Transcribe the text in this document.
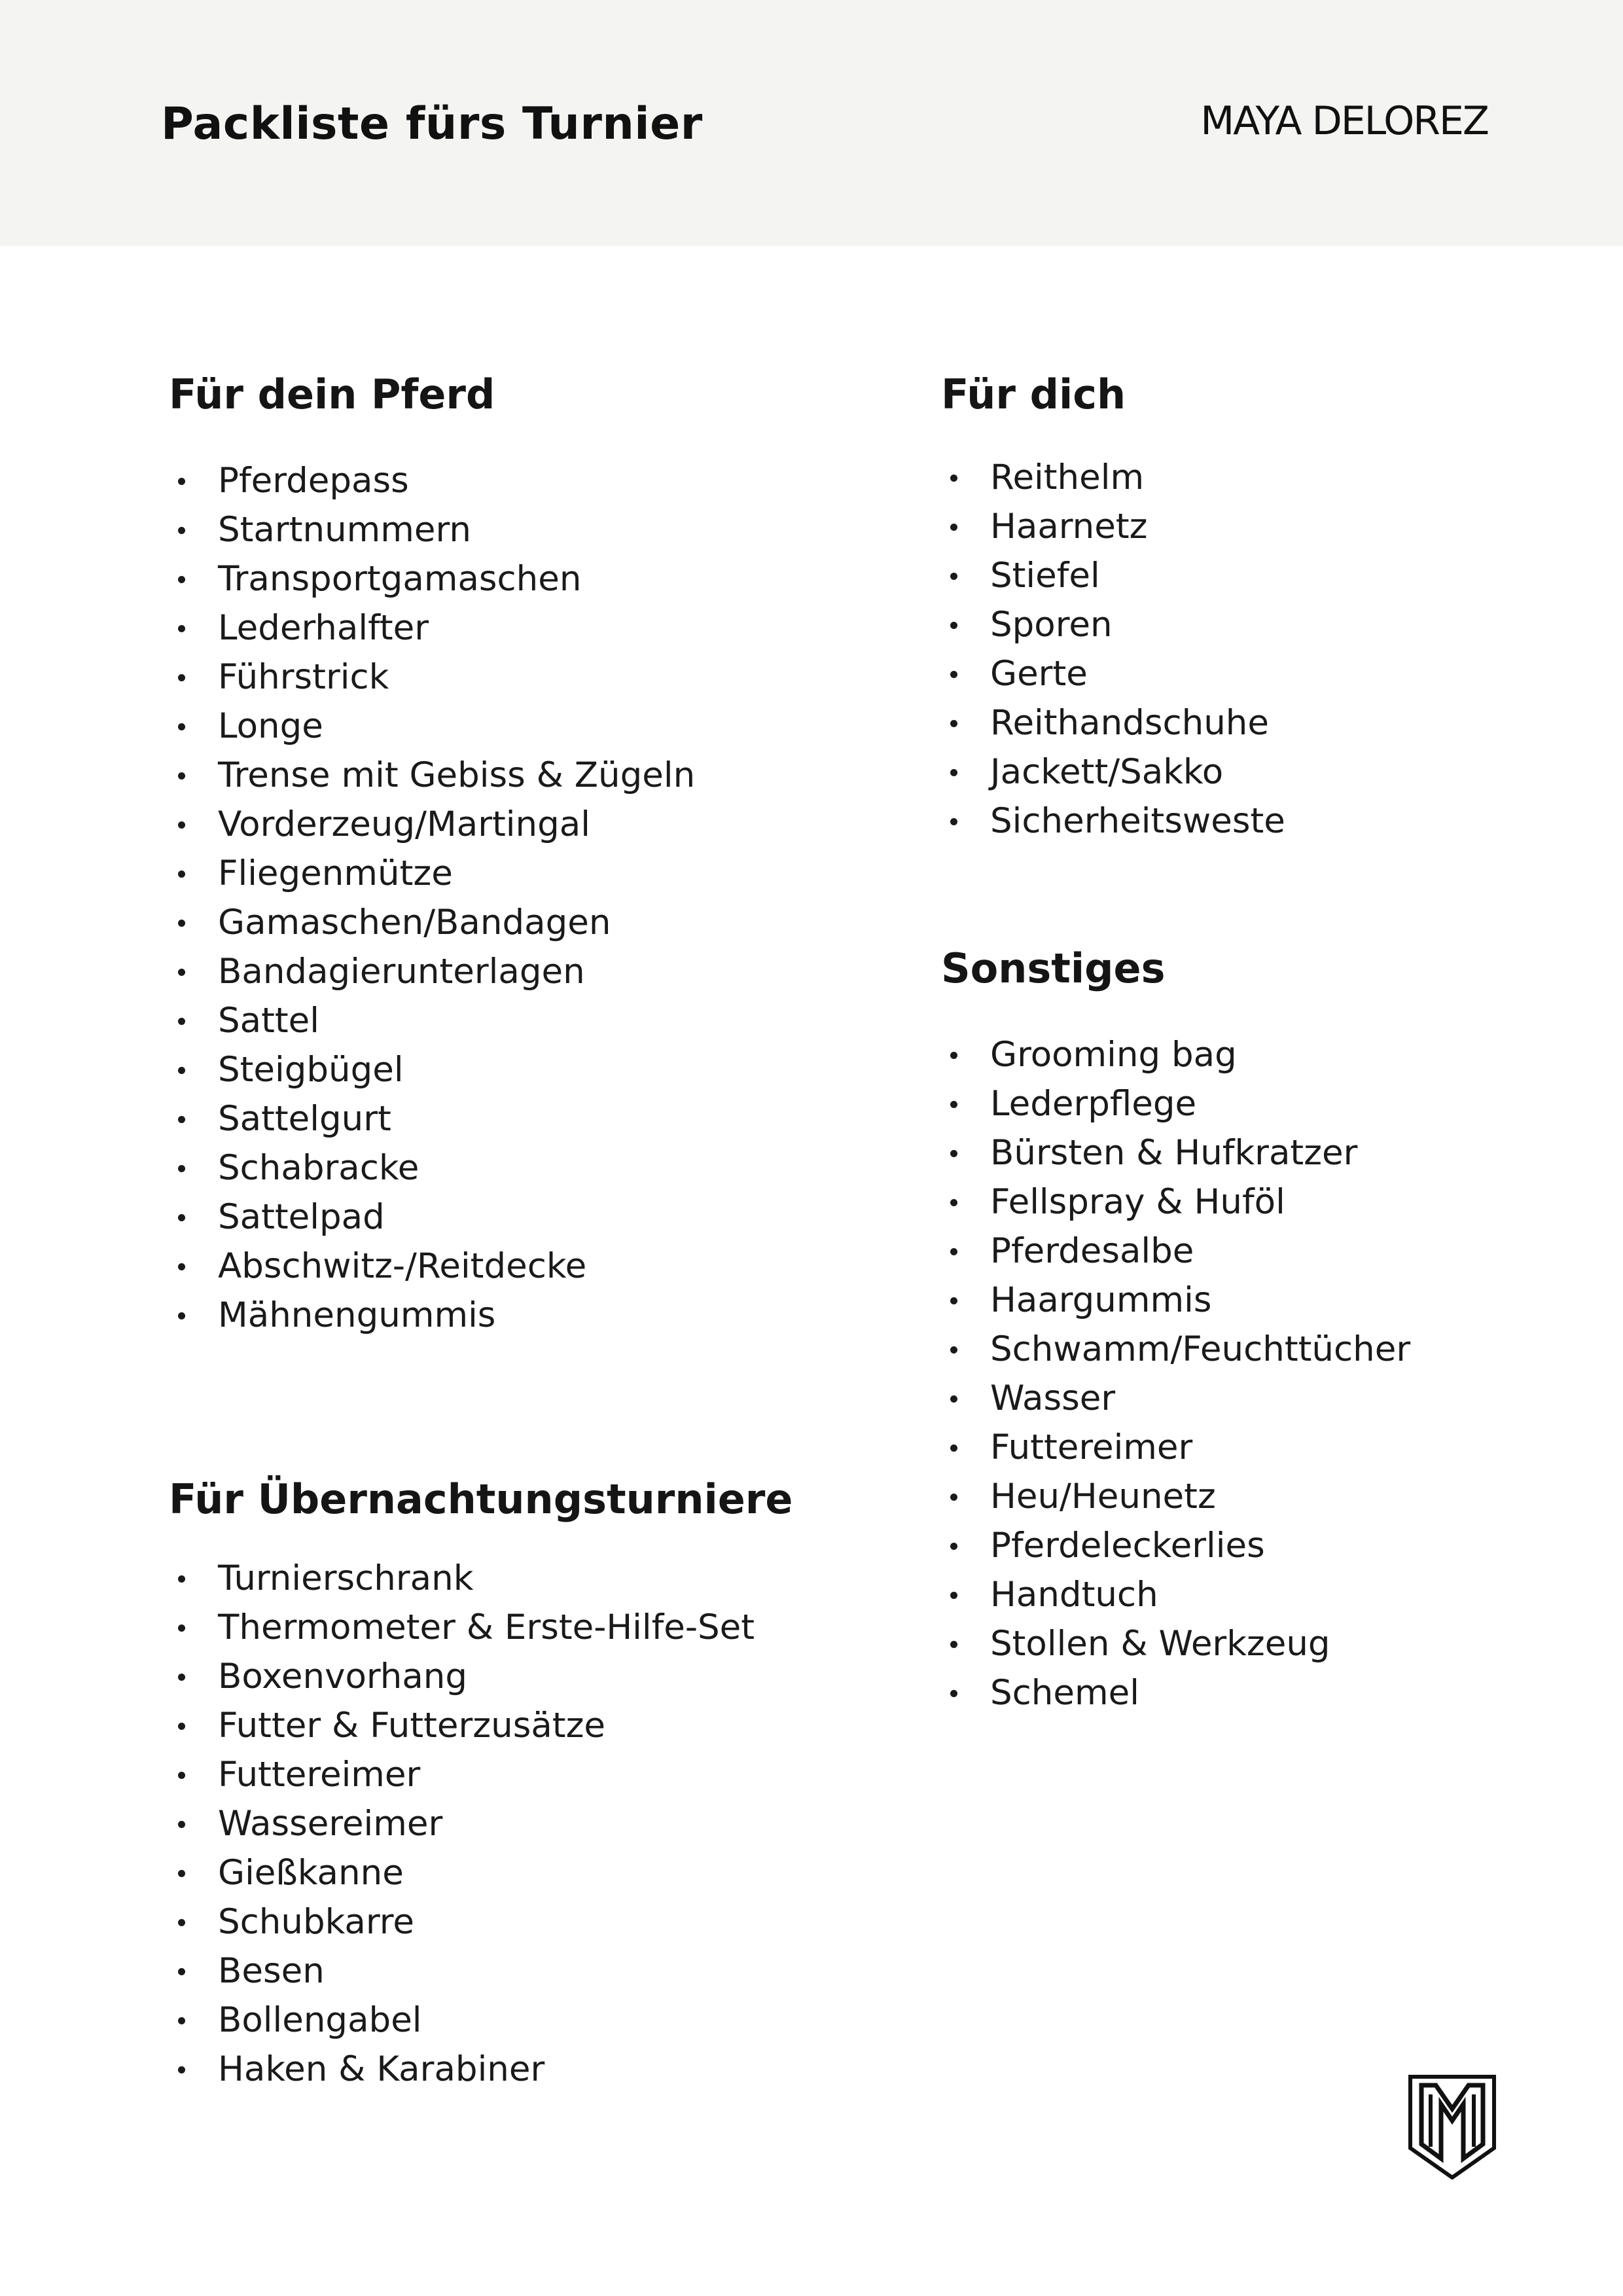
Packliste fürs Turnier	MAYA DELOREZ
Für dein Pferd
Pferdepass
Startnummern
Transportgamaschen
Lederhalfter
Führstrick
Longe
Trense mit Gebiss & Zügeln
Vorderzeug/Martingal
Fliegenmütze
Gamaschen/Bandagen
Bandagierunterlagen
Sattel
Steigbügel
Sattelgurt
Schabracke
Sattelpad
Abschwitz-/Reitdecke
Mähnengummis
Für Übernachtungsturniere
Turnierschrank
Thermometer & Erste-Hilfe-Set
Boxenvorhang
Futter & Futterzusätze
Futtereimer
Wassereimer
Gießkanne
Schubkarre
Besen
Bollengabel
Haken & Karabiner
Für dich
Reithelm
Haarnetz
Stiefel
Sporen
Gerte
Reithandschuhe
Jackett/Sakko
Sicherheitsweste
Sonstiges
Grooming bag
Lederpflege
Bürsten & Hufkratzer
Fellspray & Huföl
Pferdesalbe
Haargummis
Schwamm/Feuchttücher
Wasser
Futtereimer
Heu/Heunetz
Pferdeleckerlies
Handtuch
Stollen & Werkzeug
Schemel
